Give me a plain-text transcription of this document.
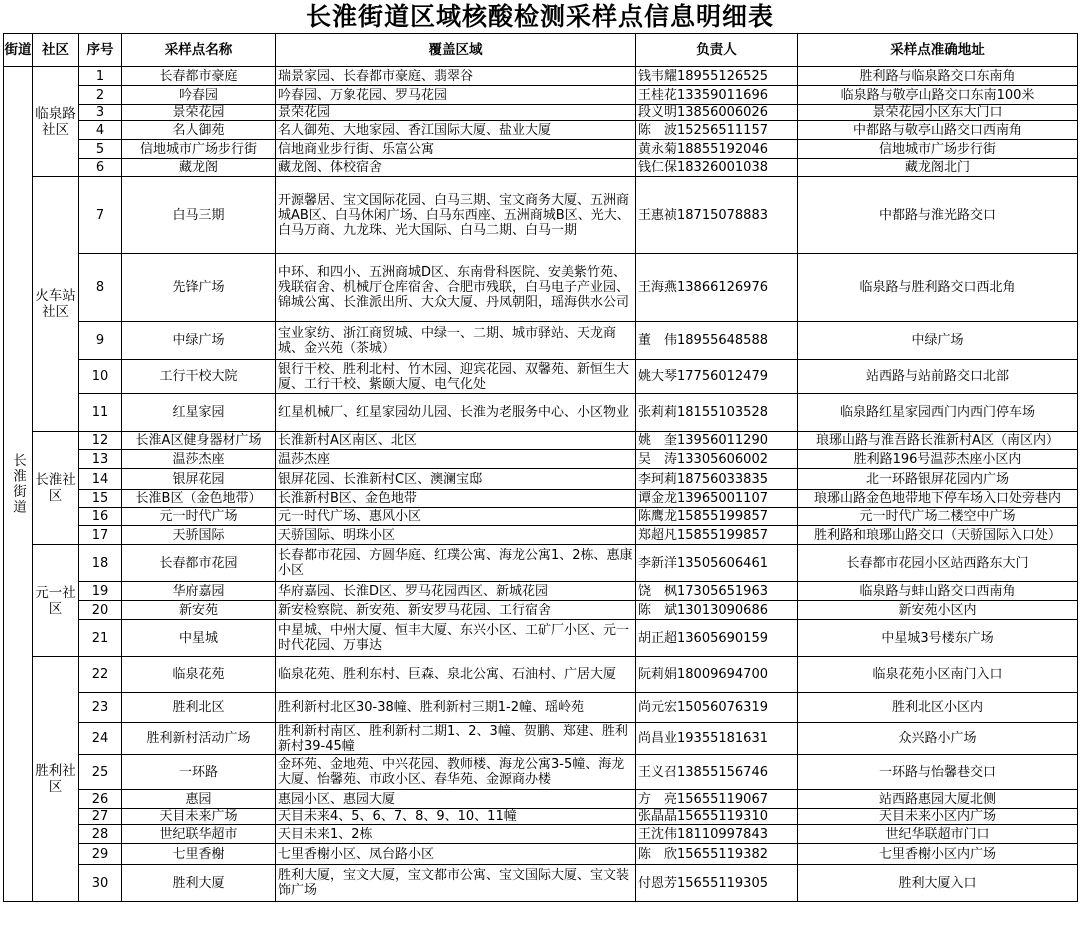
长淮街道区域核酸检测采样点信息明细表
街道	社区	序号	采样点名称	覆盖区域	负责人	采样点准确地址
长淮街道	临泉路社区	1	长春都市豪庭	瑞景家园、长春都市豪庭、翡翠谷	钱韦耀18955126525	胜利路与临泉路交口东南角
		2	吟春园	吟春园、万象花园、罗马花园	王桂花13359011696	临泉路与敬亭山路交口东南100米
		3	景荣花园	景荣花园	段义明13856006026	景荣花园小区东大门口
		4	名人御苑	名人御苑、大地家园、香江国际大厦、盐业大厦	陈　波15256511157	中都路与敬亭山路交口西南角
		5	信地城市广场步行街	信地商业步行街、乐富公寓	黄永菊18855192046	信地城市广场步行街
		6	藏龙阁	藏龙阁、体校宿舍	钱仁保18326001038	藏龙阁北门
	火车站社区	7	白马三期	开源馨居、宝文国际花园、白马三期、宝文商务大厦、五洲商城AB区、白马休闲广场、白马东西座、五洲商城B区、光大、白马万商、九龙珠、光大国际、白马二期、白马一期	王惠祯18715078883	中都路与淮光路交口
		8	先锋广场	中环、和四小、五洲商城D区、东南骨科医院、安美紫竹苑、残联宿舍、机械厅仓库宿舍、合肥市残联，白马电子产业园、锦城公寓、长淮派出所、大众大厦、丹凤朝阳，瑶海供水公司	王海燕13866126976	临泉路与胜利路交口西北角
		9	中绿广场	宝业家纺、浙江商贸城、中绿一、二期、城市驿站、天龙商城、金兴苑（茶城）	董　伟18955648588	中绿广场
		10	工行干校大院	银行干校、胜利北村、竹木园、迎宾花园、双馨苑、新恒生大厦、工行干校、紫颐大厦、电气化处	姚大琴17756012479	站西路与站前路交口北部
		11	红星家园	红星机械厂、红星家园幼儿园、长淮为老服务中心、小区物业	张莉莉18155103528	临泉路红星家园西门内西门停车场
	长淮社区	12	长淮A区健身器材广场	长淮新村A区南区、北区	姚　奎13956011290	琅琊山路与淮吾路长淮新村A区（南区内）
		13	温莎杰座	温莎杰座	吴　涛13305606002	胜利路196号温莎杰座小区内
		14	银屏花园	银屏花园、长淮新村C区、澳澜宝邸	李珂莉18756033835	北一环路银屏花园内广场
		15	长淮B区（金色地带）	长淮新村B区、金色地带	谭金龙13965001107	琅琊山路金色地带地下停车场入口处旁巷内
		16	元一时代广场	元一时代广场、惠风小区	陈鹰龙15855199857	元一时代广场二楼空中广场
		17	天骄国际	天骄国际、明珠小区	郑超凡15855199857	胜利路和琅琊山路交口（天骄国际入口处）
	元一社区	18	长春都市花园	长春都市花园、方圆华庭、红璞公寓、海龙公寓1、2栋、惠康小区	李新洋13505606461	长春都市花园小区站西路东大门
		19	华府嘉园	华府嘉园、长淮D区、罗马花园西区、新城花园	饶　枫17305651963	临泉路与蚌山路交口西南角
		20	新安苑	新安检察院、新安苑、新安罗马花园、工行宿舍	陈　斌13013090686	新安苑小区内
		21	中星城	中星城、中州大厦、恒丰大厦、东兴小区、工矿厂小区、元一时代花园、万事达	胡正超13605690159	中星城3号楼东广场
	胜利社区	22	临泉花苑	临泉花苑、胜利东村、巨森、泉北公寓、石油村、广居大厦	阮莉娟18009694700	临泉花苑小区南门入口
		23	胜利北区	胜利新村北区30-38幢、胜利新村三期1-2幢、瑶岭苑	尚元宏15056076319	胜利北区小区内
		24	胜利新村活动广场	胜利新村南区、胜利新村二期1、2、3幢、贺鹏、郑建、胜利新村39-45幢	尚昌业19355181631	众兴路小广场
		25	一环路	金环苑、金地苑、中兴花园、教师楼、海龙公寓3-5幢、海龙大厦、怡馨苑、市政小区、春华苑、金源商办楼	王义召13855156746	一环路与怡馨巷交口
		26	惠园	惠园小区、惠园大厦	方　亮15655119067	站西路惠园大厦北侧
		27	天目未来广场	天目未来4、5、6、7、8、9、10、11幢	张晶晶15655119310	天目未来小区内广场
		28	世纪联华超市	天目未来1、2栋	王沈伟18110997843	世纪华联超市门口
		29	七里香榭	七里香榭小区、凤台路小区	陈　欣15655119382	七里香榭小区内广场
		30	胜利大厦	胜利大厦，宝文大厦，宝文都市公寓、宝文国际大厦、宝文装饰广场	付恩芳15655119305	胜利大厦入口
